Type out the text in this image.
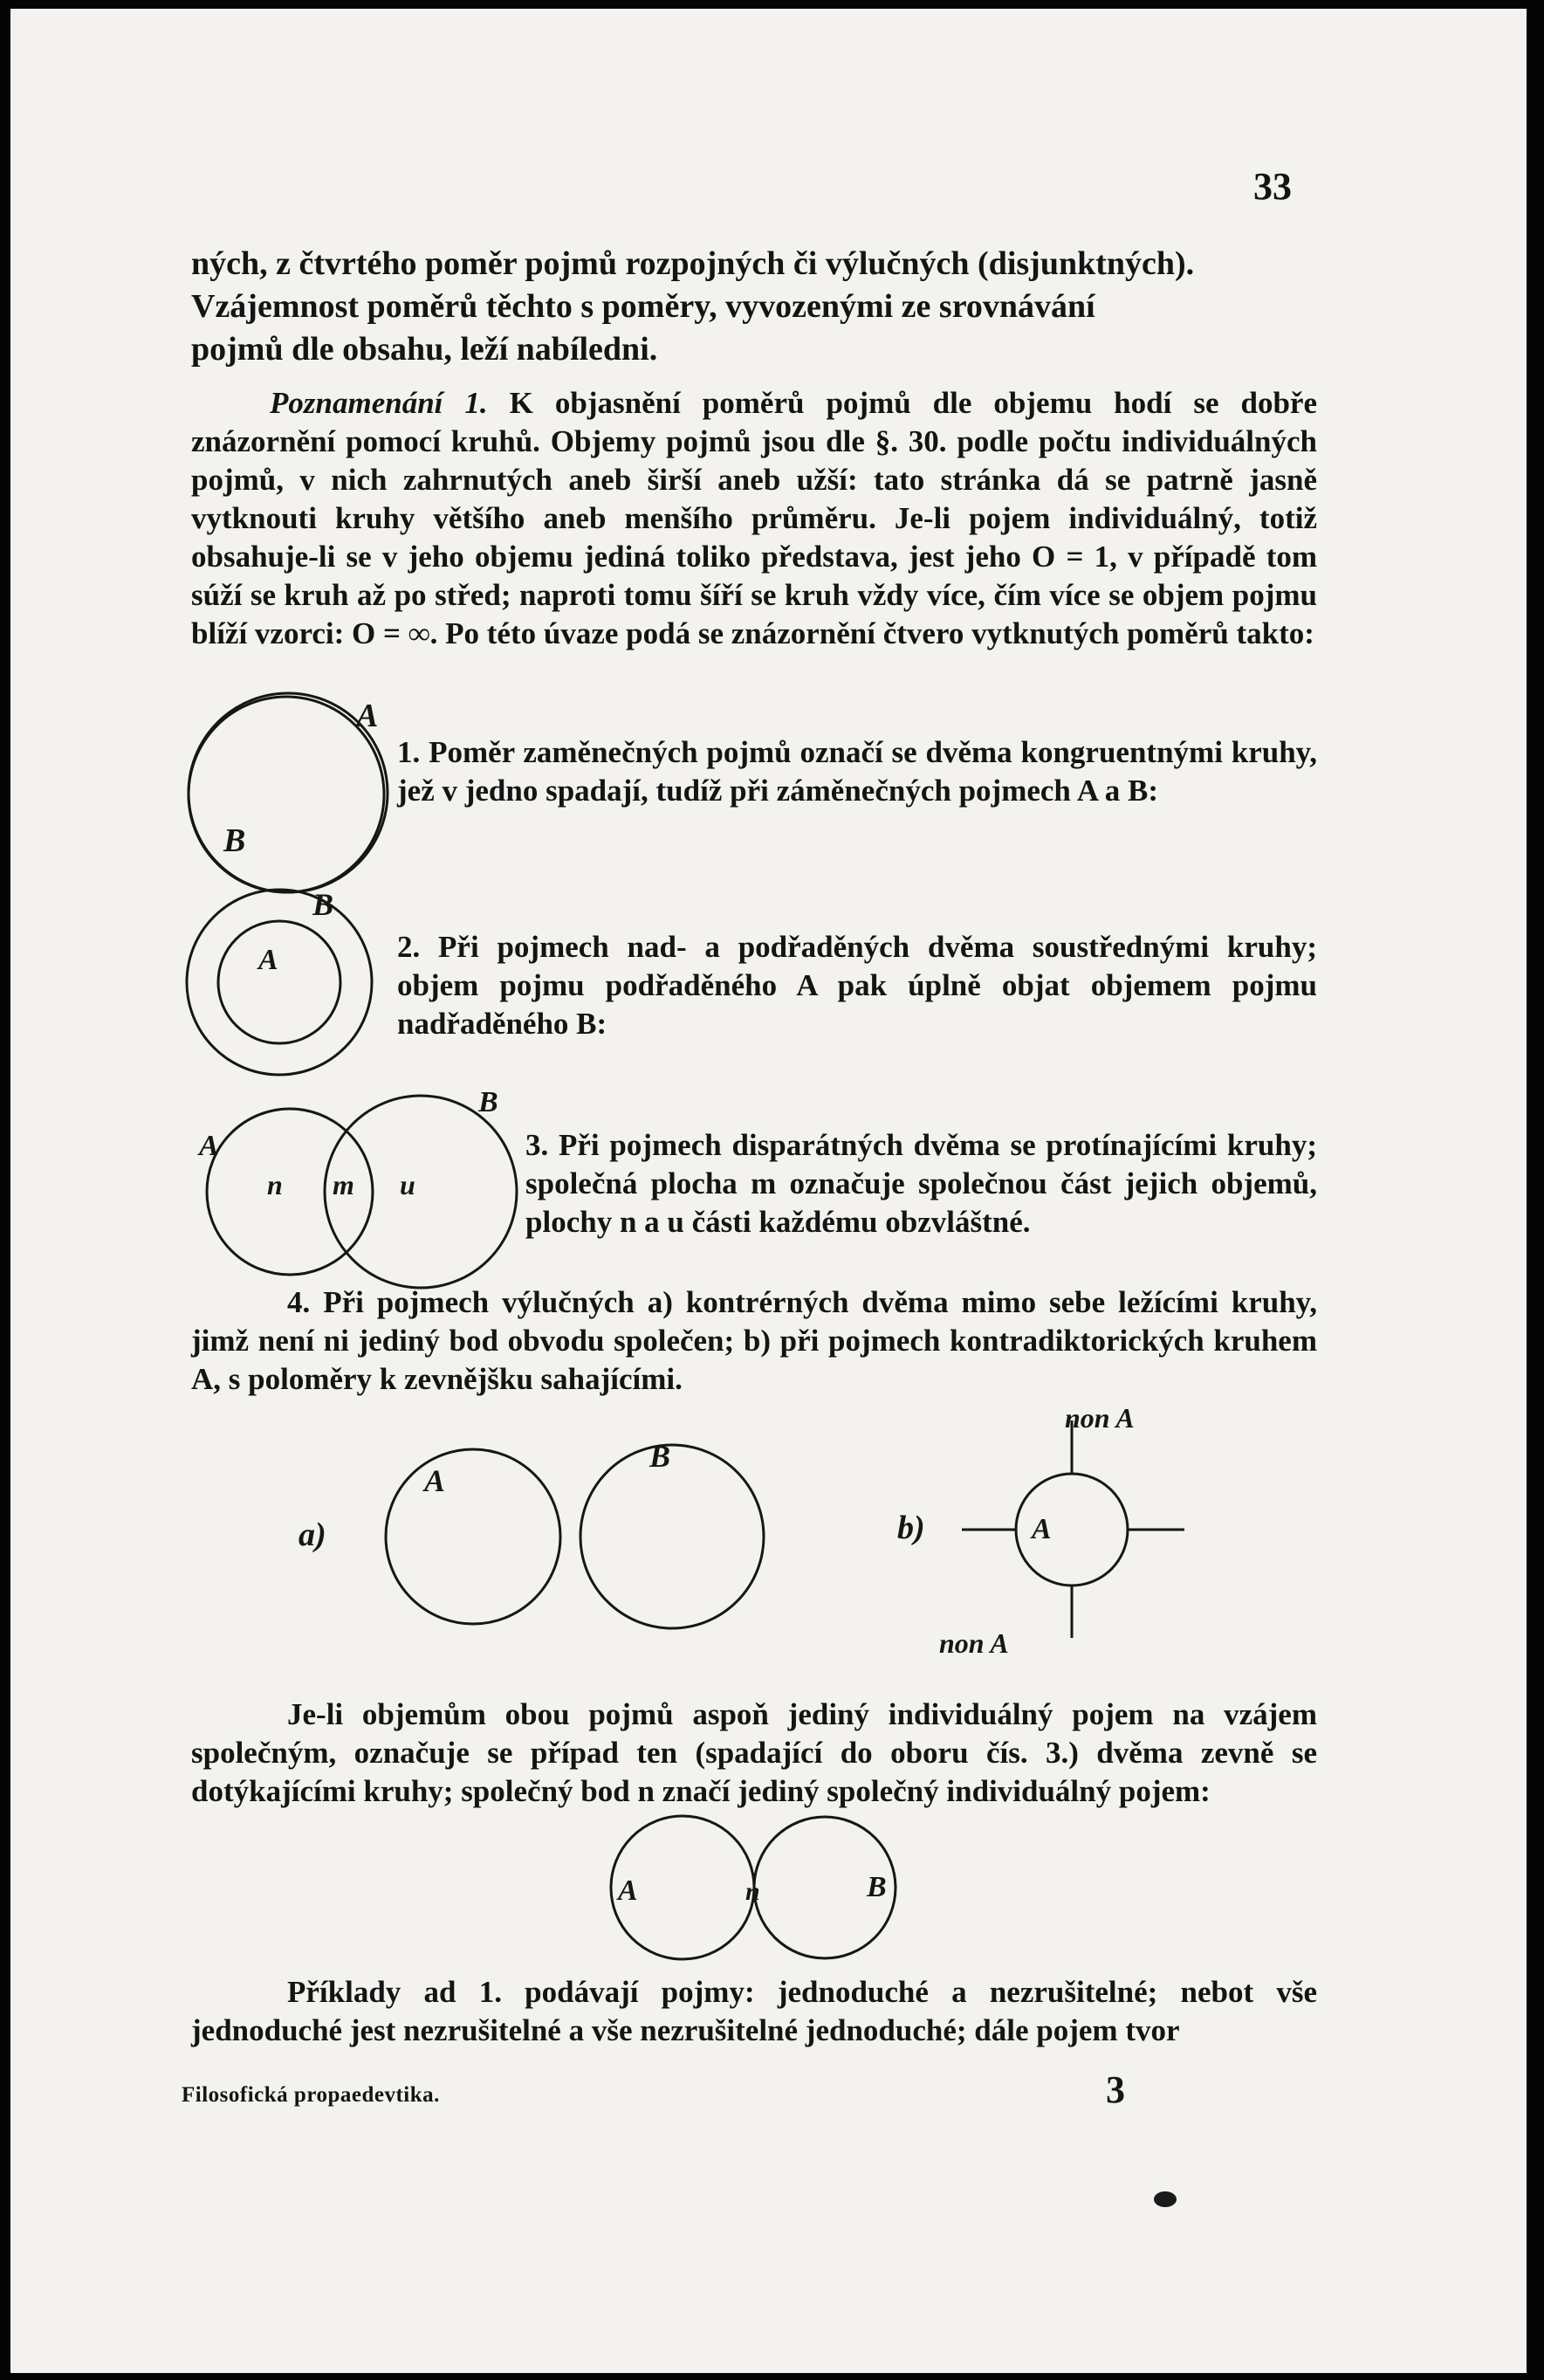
33
ných, z čtvrtého poměr pojmů rozpojných či výlučných (disjunktných).
Vzájemnost poměrů těchto s poměry, vyvozenými ze srovnávání
pojmů dle obsahu, leží nabíledni.
Poznamenání 1. K objasnění poměrů pojmů dle objemu hodí se dobře znázornění pomocí kruhů. Objemy pojmů jsou dle §. 30. podle počtu individuálných pojmů, v nich zahrnutých aneb širší aneb užší: tato stránka dá se patrně jasně vytknouti kruhy většího aneb menšího průměru. Je-li pojem individuálný, totiž obsahuje-li se v jeho objemu jediná toliko představa, jest jeho O = 1, v případě tom súží se kruh až po střed; naproti tomu šíří se kruh vždy více, čím více se objem pojmu blíží vzorci: O = ∞. Po této úvaze podá se znázornění čtvero vytknutých poměrů takto:
1. Poměr zaměnečných pojmů označí se dvěma kongruentnými kruhy, jež v jedno spadají, tudíž při záměnečných pojmech A a B:
2. Při pojmech nad- a podřaděných dvěma soustřednými kruhy; objem pojmu podřaděného A pak úplně objat objemem pojmu nadřaděného B:
3. Při pojmech disparátných dvěma se protínajícími kruhy; společná plocha m označuje společnou část jejich objemů, plochy n a u části každému obzvláštné.
4. Při pojmech výlučných a) kontrérných dvěma mimo sebe ležícími kruhy, jimž není ni jediný bod obvodu společen; b) při pojmech kontradiktorických kruhem A, s poloměry k zevnějšku sahajícími.
Je-li objemům obou pojmů aspoň jediný individuálný pojem na vzájem společným, označuje se případ ten (spadající do oboru čís. 3.) dvěma zevně se dotýkajícími kruhy; společný bod n značí jediný společný individuálný pojem:
Příklady ad 1. podávají pojmy: jednoduché a nezrušitelné; nebot vše jednoduché jest nezrušitelné a vše nezrušitelné jednoduché; dále pojem tvor
Filosofická propaedevtika.	3
A
B
B
A
A
B
n m u
a)
A
B
b)	A
non A
non A
A	n	B
